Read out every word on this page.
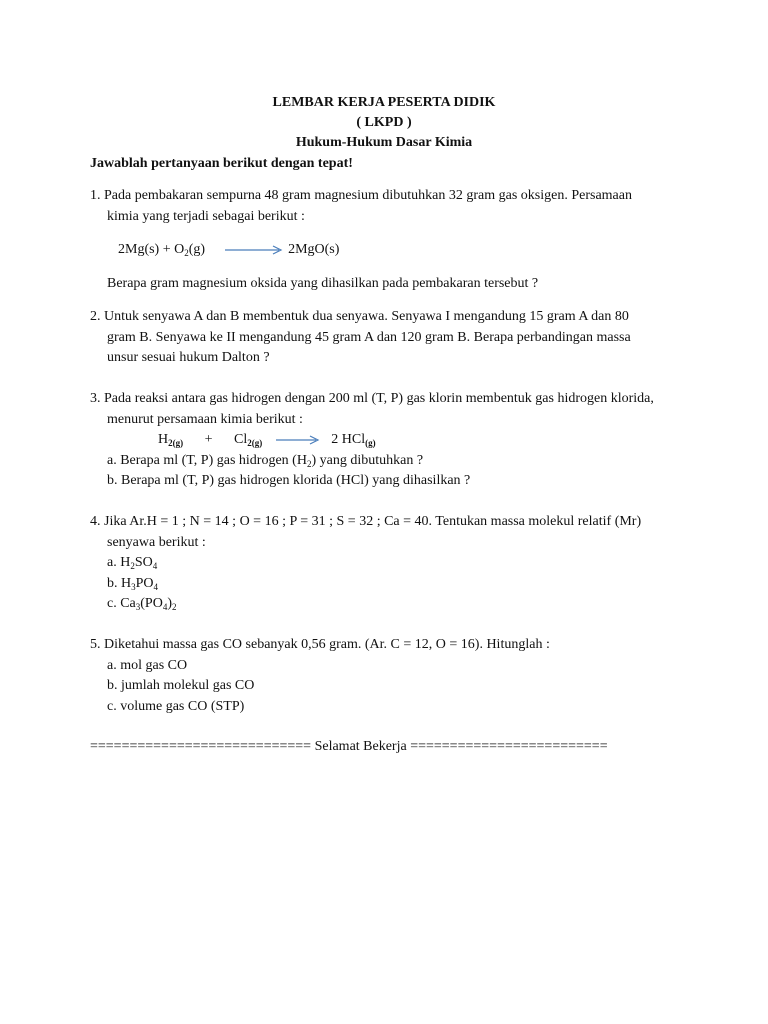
LEMBAR KERJA PESERTA DIDIK
( LKPD )
Hukum-Hukum Dasar Kimia
Jawablah pertanyaan berikut dengan tepat!
1. Pada pembakaran sempurna 48 gram magnesium dibutuhkan 32 gram gas oksigen. Persamaan
kimia yang terjadi sebagai berikut :
$2Mg(s) + O_2(g)$	2MgO(s)
Berapa gram magnesium oksida yang dihasilkan pada pembakaran tersebut ?
2. Untuk senyawa A dan B membentuk dua senyawa. Senyawa I mengandung 15 gram A dan 80
gram B. Senyawa ke II mengandung 45 gram A dan 120 gram B. Berapa perbandingan massa
unsur sesuai hukum Dalton ?
3. Pada reaksi antara gas hidrogen dengan 200 ml (T, P) gas klorin membentuk gas hidrogen klorida,
menurut persamaan kimia berikut :
$H_{2(g)} + Cl_{2(g)} \to 2$ HCl$_{(g)}$
a. Berapa ml (T, P) gas hidrogen $(H_2)$ yang dibutuhkan ?
b. Berapa ml (T, P) gas hidrogen klorida (HCl) yang dihasilkan ?
4. Jika Ar.H = 1 ; N = 14 ; O = 16 ; P = 31 ; S = 32 ; Ca = 40. Tentukan massa molekul relatif (Mr)
senyawa berikut :
a. $H_2SO_4$
b. $H_3PO_4$
c. $Ca_3(PO_4)_2$
5. Diketahui massa gas CO sebanyak 0,56 gram. (Ar. C = 12, O = 16). Hitunglah :
a. mol gas CO
b. jumlah molekul gas CO
c. volume gas CO (STP)
============================ Selamat Bekerja =========================
